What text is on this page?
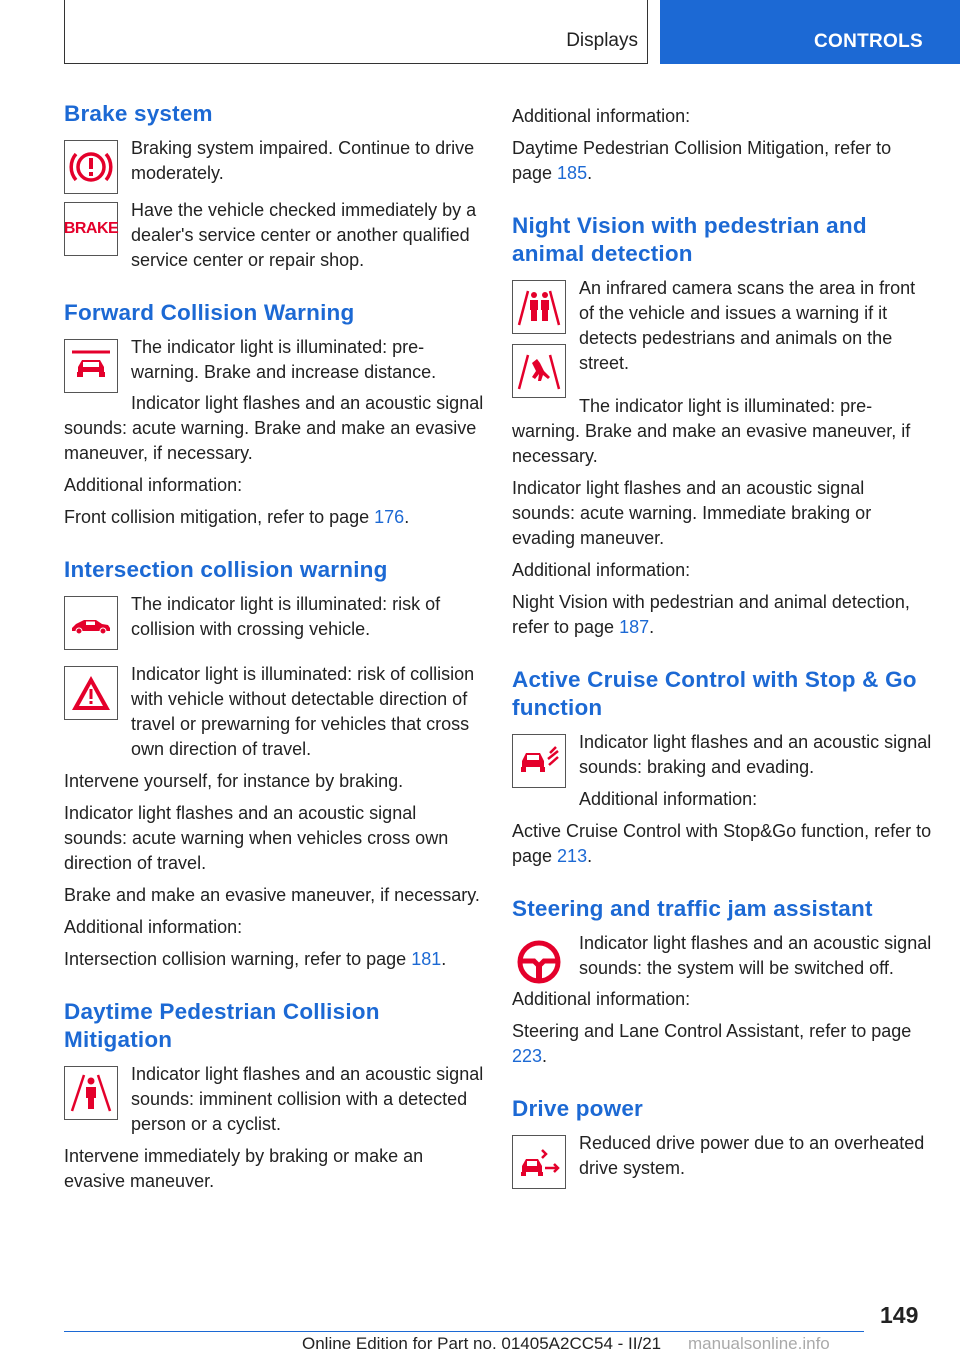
Displays	CONTROLS
Brake system

Braking system impaired. Continue to drive moderately.

BRAKE

Have the vehicle checked immediately by a dealer's service center or another qualified service center or repair shop.

Forward Collision Warning

The indicator light is illuminated: pre-warning. Brake and increase distance.

Indicator light flashes and an acoustic signal sounds: acute warning. Brake and make an evasive maneuver, if necessary.

Additional information:

Front collision mitigation, refer to page 176.

Intersection collision warning

The indicator light is illuminated: risk of collision with crossing vehicle.

Indicator light is illuminated: risk of collision with vehicle without detectable direction of travel or prewarning for vehicles that cross own direction of travel.

Intervene yourself, for instance by braking.

Indicator light flashes and an acoustic signal sounds: acute warning when vehicles cross own direction of travel.

Brake and make an evasive maneuver, if necessary.

Additional information:

Intersection collision warning, refer to page 181.

Daytime Pedestrian Collision Mitigation

Indicator light flashes and an acoustic signal sounds: imminent collision with a detected person or a cyclist.

Intervene immediately by braking or make an evasive maneuver.

Additional information:

Daytime Pedestrian Collision Mitigation, refer to page 185.

Night Vision with pedestrian and animal detection

An infrared camera scans the area in front of the vehicle and issues a warning if it detects pedestrians and animals on the street.

The indicator light is illuminated: pre-warning. Brake and make an evasive maneuver, if necessary.

Indicator light flashes and an acoustic signal sounds: acute warning. Immediate braking or evading maneuver.

Additional information:

Night Vision with pedestrian and animal detection, refer to page 187.

Active Cruise Control with Stop & Go function

Indicator light flashes and an acoustic signal sounds: braking and evading.

Additional information:

Active Cruise Control with Stop&Go function, refer to page 213.

Steering and traffic jam assistant

Indicator light flashes and an acoustic signal sounds: the system will be switched off.

Additional information:

Steering and Lane Control Assistant, refer to page 223.

Drive power

Reduced drive power due to an overheated drive system.

149
Online Edition for Part no. 01405A2CC54 - II/21 manualsonline.info
